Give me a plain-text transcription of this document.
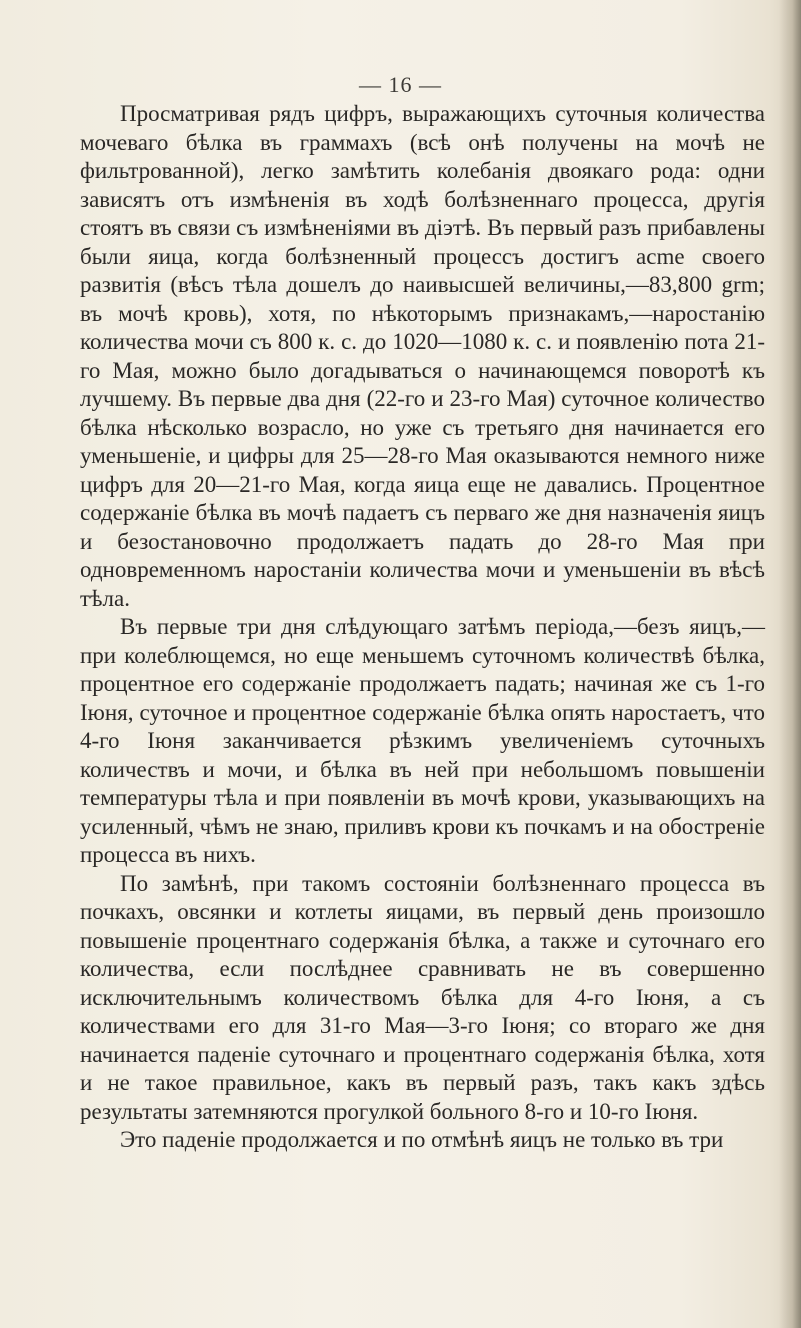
— 16 —

Просматривая рядъ цифръ, выражающихъ суточныя количества мочеваго бѣлка въ граммахъ (всѣ онѣ получены на мочѣ не фильтрованной), легко замѣтить колебанія двоякаго рода: одни зависятъ отъ измѣненія въ ходѣ болѣзненнаго процесса, другія стоятъ въ связи съ измѣненіями въ діэтѣ. Въ первый разъ прибавлены были яица, когда болѣзненный процессъ достигъ acme своего развитія (вѣсъ тѣла дошелъ до наивысшей величины,—83,800 grm; въ мочѣ кровь), хотя, по нѣкоторымъ признакамъ,—наростанію количества мочи съ 800 к. с. до 1020—1080 к. с. и появленію пота 21-го Мая, можно было догадываться о начинающемся поворотѣ къ лучшему. Въ первые два дня (22-го и 23-го Мая) суточное количество бѣлка нѣсколько возрасло, но уже съ третьяго дня начинается его уменьшеніе, и цифры для 25—28-го Мая оказываются немного ниже цифръ для 20—21-го Мая, когда яица еще не давались. Процентное содержаніе бѣлка въ мочѣ падаетъ съ перваго же дня назначенія яицъ и безостановочно продолжаетъ падать до 28-го Мая при одновременномъ наростаніи количества мочи и уменьшеніи въ вѣсѣ тѣла.

Въ первые три дня слѣдующаго затѣмъ періода,—безъ яицъ,—при колеблющемся, но еще меньшемъ суточномъ количествѣ бѣлка, процентное его содержаніе продолжаетъ падать; начиная же съ 1-го Іюня, суточное и процентное содержаніе бѣлка опять наростаетъ, что 4-го Іюня заканчивается рѣзкимъ увеличеніемъ суточныхъ количествъ и мочи, и бѣлка въ ней при небольшомъ повышеніи температуры тѣла и при появленіи въ мочѣ крови, указывающихъ на усиленный, чѣмъ не знаю, приливъ крови къ почкамъ и на обостреніе процесса въ нихъ.

По замѣнѣ, при такомъ состояніи болѣзненнаго процесса въ почкахъ, овсянки и котлеты яицами, въ первый день произошло повышеніе процентнаго содержанія бѣлка, а также и суточнаго его количества, если послѣднее сравнивать не въ совершенно исключительнымъ количествомъ бѣлка для 4-го Іюня, а съ количествами его для 31-го Мая—3-го Іюня; со втораго же дня начинается паденіе суточнаго и процентнаго содержанія бѣлка, хотя и не такое правильное, какъ въ первый разъ, такъ какъ здѣсь результаты затемняются прогулкой больного 8-го и 10-го Іюня.

Это паденіе продолжается и по отмѣнѣ яицъ не только въ три
